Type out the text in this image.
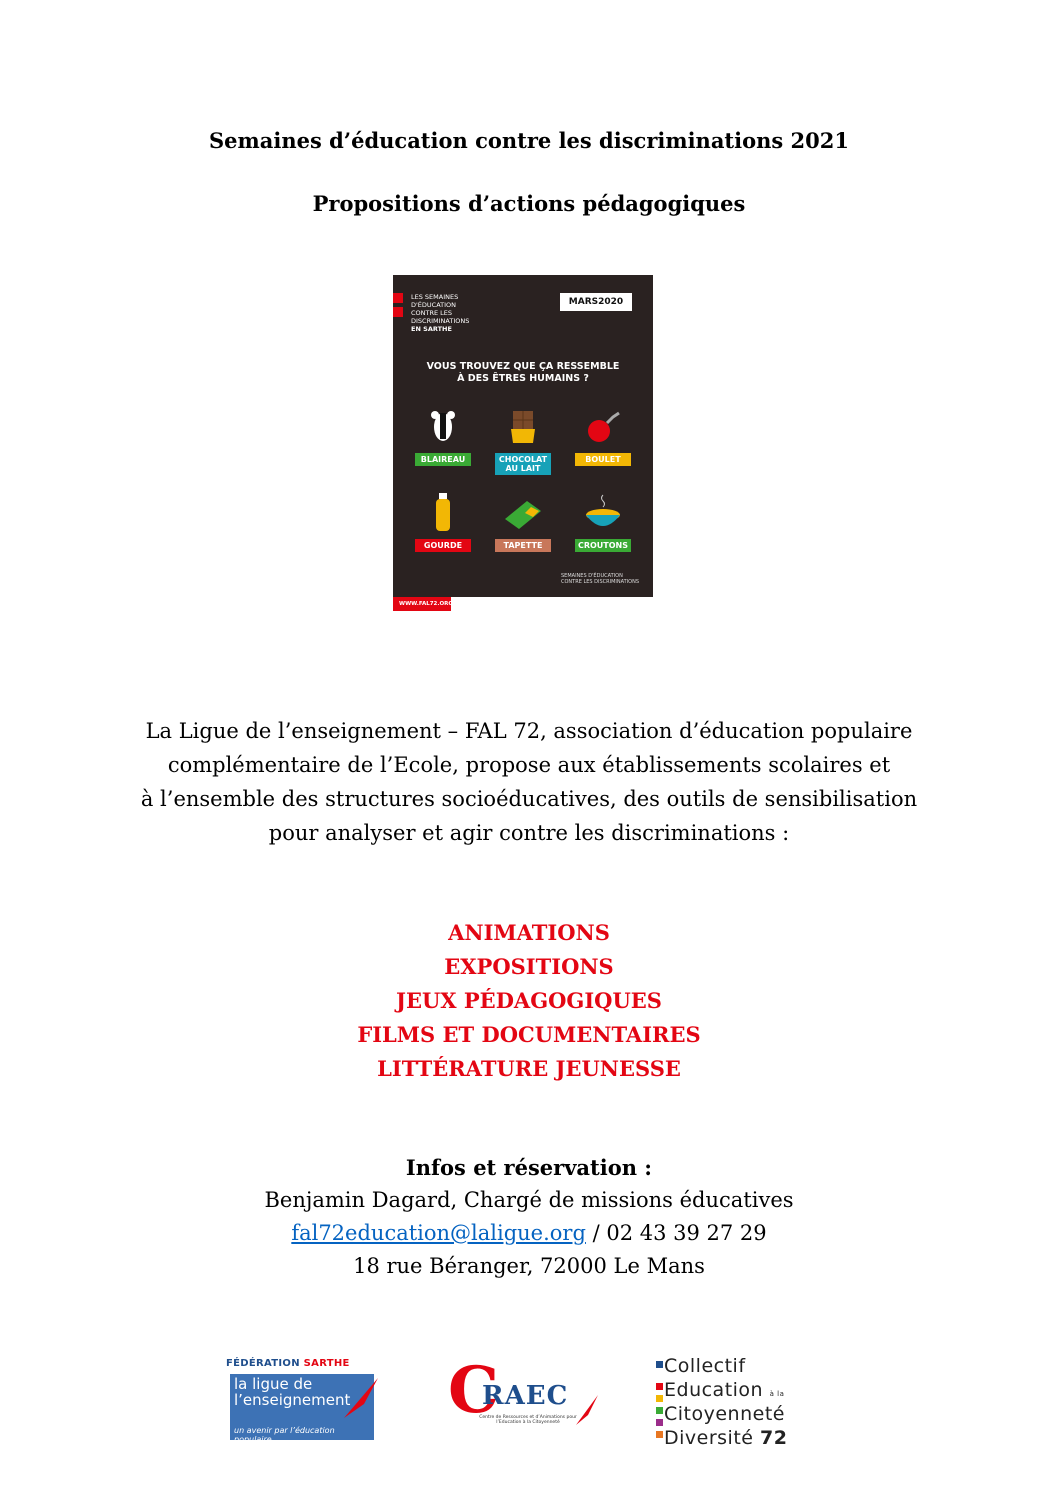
Semaines d’éducation contre les discriminations 2021
Propositions d’actions pédagogiques
LES SEMAINES
D'ÉDUCATION
CONTRE LES
DISCRIMINATIONS
EN SARTHE
MARS2020
VOUS TROUVEZ QUE ÇA RESSEMBLE
À DES ÊTRES HUMAINS ?
BLAIREAU	CHOCOLAT AU LAIT
BOULET
GOURDE	TAPETTE	CROUTONS
SEMAINES D'ÉDUCATION CONTRE LES DISCRIMINATIONS
WWW.FAL72.ORG
La Ligue de l’enseignement – FAL 72, association d’éducation populaire
complémentaire de l’Ecole, propose aux établissements scolaires et
à l’ensemble des structures socioéducatives, des outils de sensibilisation
pour analyser et agir contre les discriminations :
ANIMATIONS
EXPOSITIONS
JEUX PÉDAGOGIQUES
FILMS ET DOCUMENTAIRES
LITTÉRATURE JEUNESSE
Infos et réservation :
Benjamin Dagard, Chargé de missions éducatives
fal72education@laligue.org / 02 43 39 27 29
18 rue Béranger, 72000 Le Mans
FÉDÉRATION SARTHE
la ligue de l’enseignement
un avenir par l’éducation populaire
C
RAEC
Centre de Ressources et d’Animations pour l’Education à la Citoyenneté
Collectif
Education à la
Citoyenneté
Diversité 72
